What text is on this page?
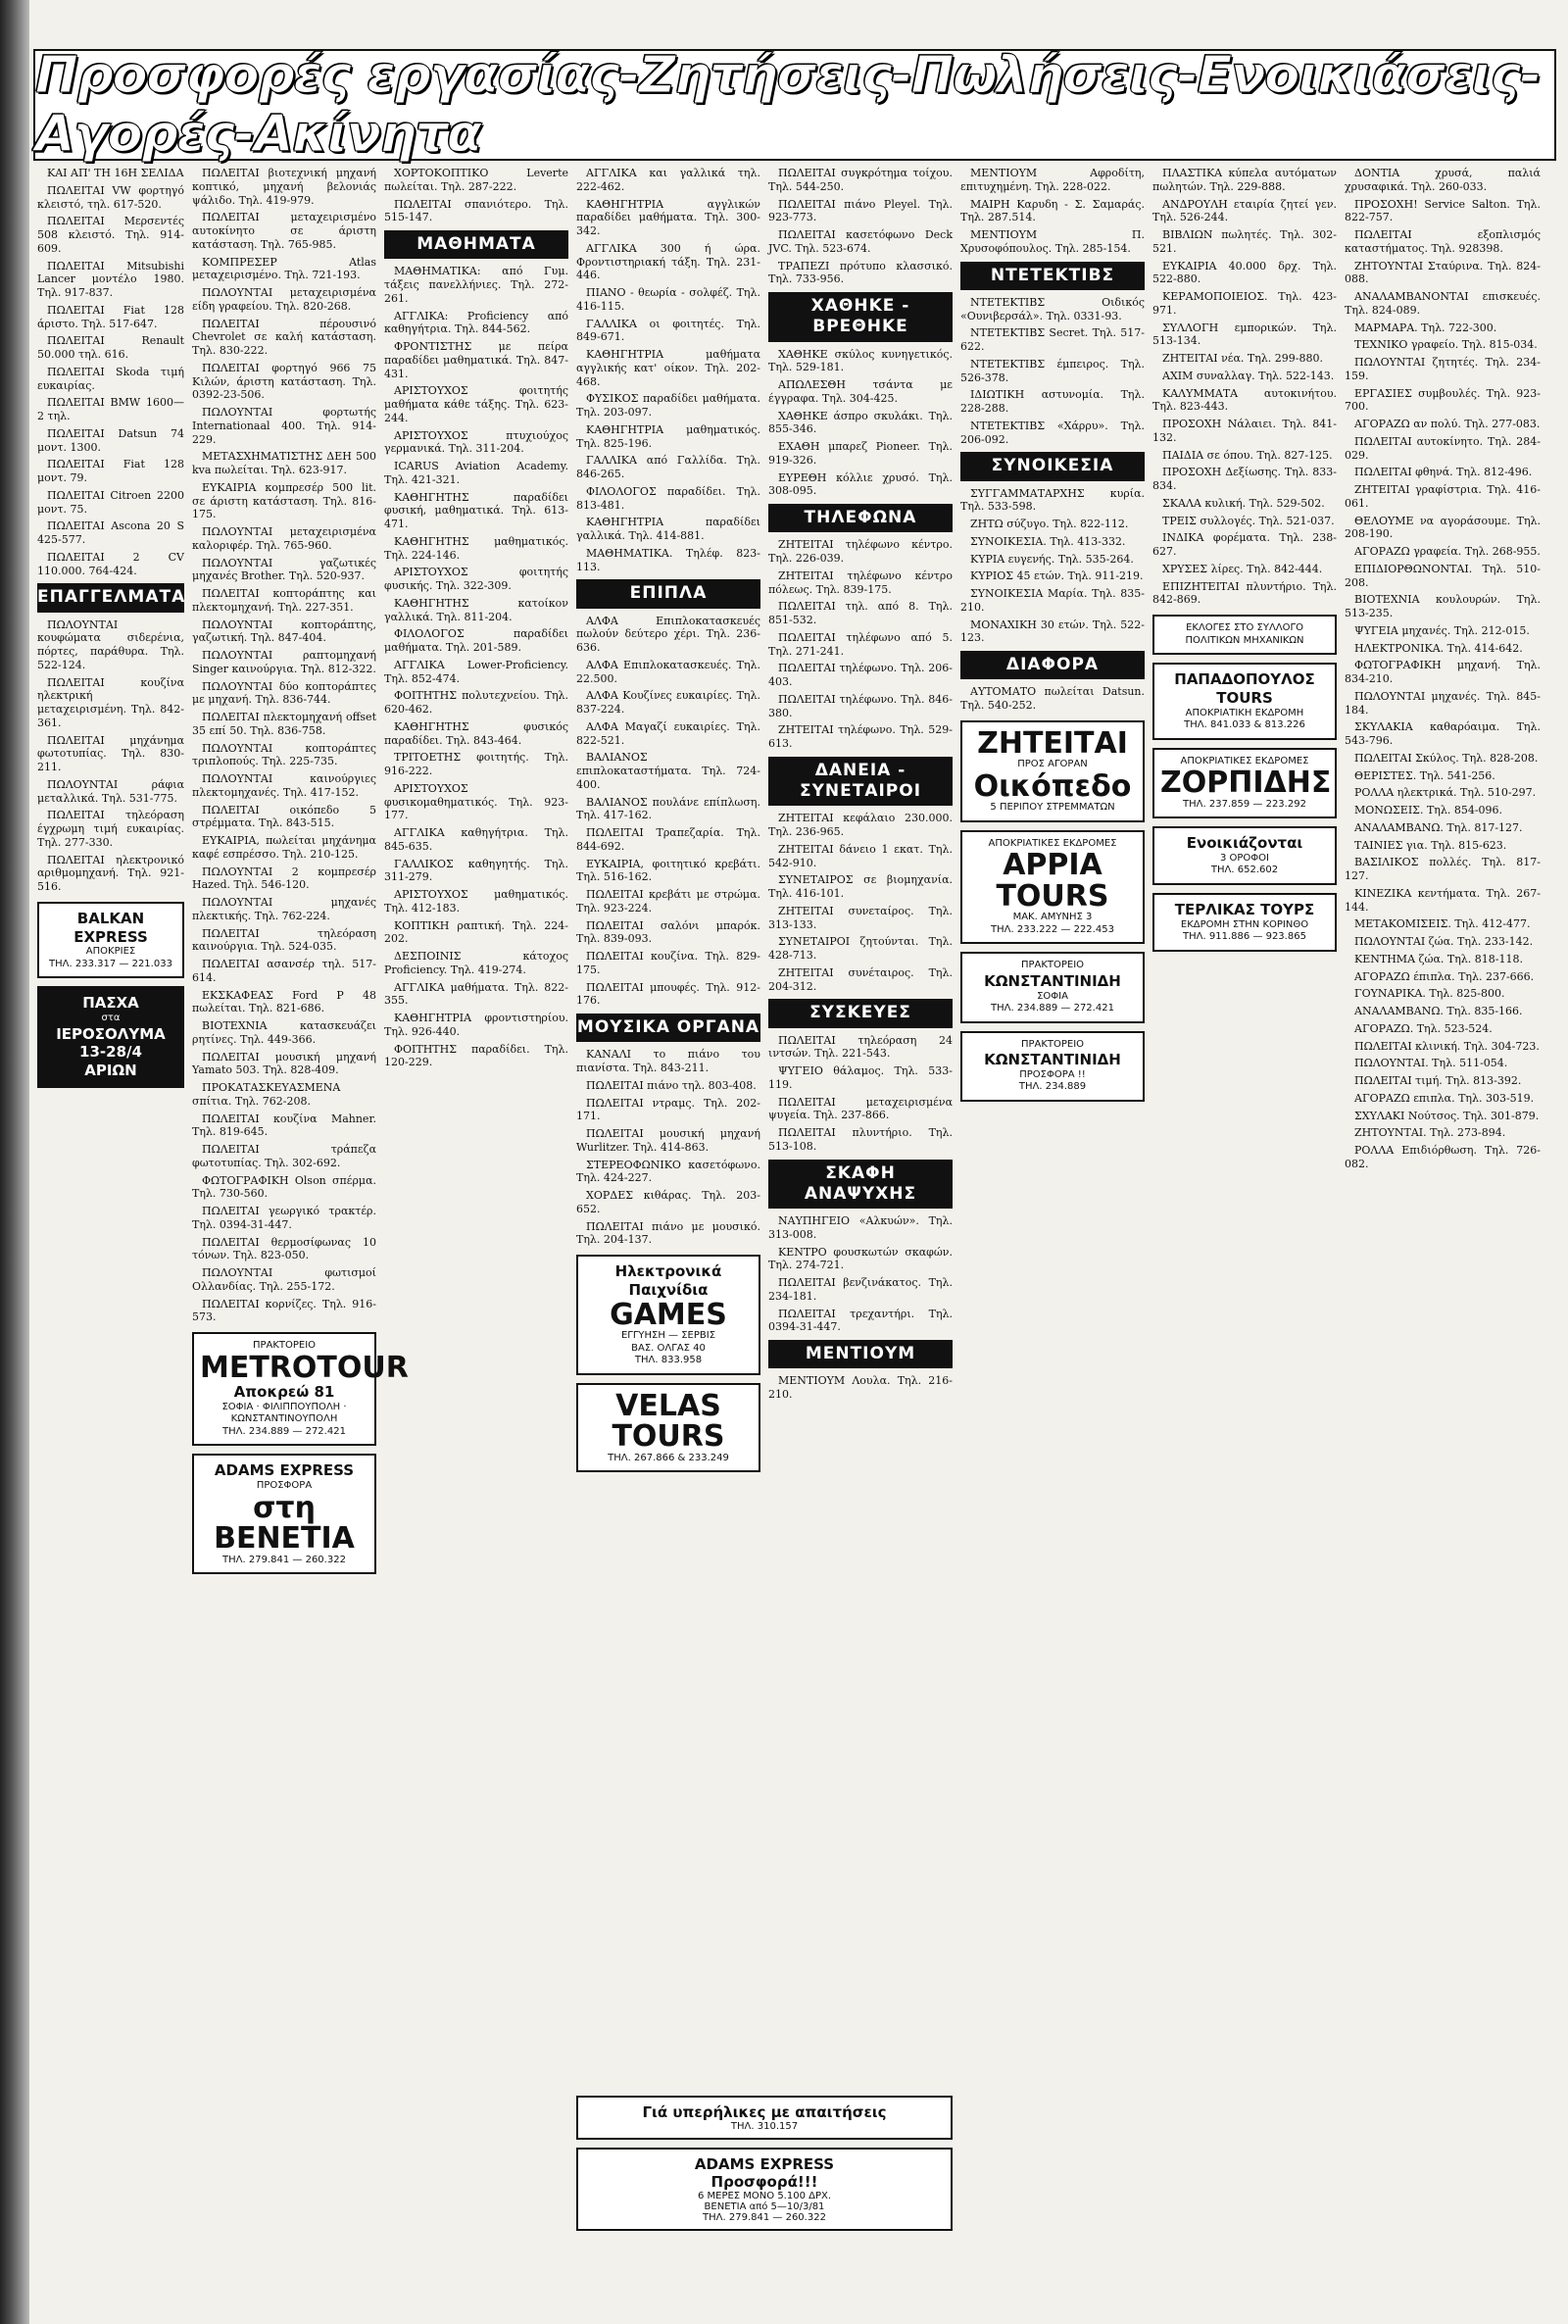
Προσφορές εργασίας-Ζητήσεις-Πωλήσεις-Ενοικιάσεις-Αγορές-Ακίνητα

ΚΑΙ ΑΠ' ΤΗ 16Η ΣΕΛΙΔΑ

ΠΩΛΕΙΤΑΙ VW φορτηγό κλειστό, τηλ. 617-520.

ΠΩΛΕΙΤΑΙ Μερσεντές 508 κλειστό. Τηλ. 914-609.

ΠΩΛΕΙΤΑΙ Mitsubishi Lancer μοντέλο 1980. Τηλ. 917-837.

ΠΩΛΕΙΤΑΙ Fiat 128 άριστο. Τηλ. 517-647.

ΠΩΛΕΙΤΑΙ Renault 50.000 τηλ. 616.

ΠΩΛΕΙΤΑΙ Skoda τιμή ευκαιρίας.

ΠΩΛΕΙΤΑΙ BMW 1600—2 τηλ.

ΠΩΛΕΙΤΑΙ Datsun 74 μοντ. 1300.

ΠΩΛΕΙΤΑΙ Fiat 128 μοντ. 79.

ΠΩΛΕΙΤΑΙ Citroen 2200 μοντ. 75.

ΠΩΛΕΙΤΑΙ Ascona 20 S 425-577.

ΠΩΛΕΙΤΑΙ 2 CV 110.000. 764-424.

ΕΠΑΓΓΕΛΜΑΤΑ

ΠΩΛΟΥΝΤΑΙ κουφώματα σιδερένια, πόρτες, παράθυρα. Τηλ. 522-124.

ΠΩΛΕΙΤΑΙ κουζίνα ηλεκτρική μεταχειρισμένη. Τηλ. 842-361.

ΠΩΛΕΙΤΑΙ μηχάνημα φωτοτυπίας. Τηλ. 830-211.

ΠΩΛΟΥΝΤΑΙ ράφια μεταλλικά. Τηλ. 531-775.

ΠΩΛΕΙΤΑΙ τηλεόραση έγχρωμη τιμή ευκαιρίας. Τηλ. 277-330.

ΠΩΛΕΙΤΑΙ ηλεκτρονικό αριθμομηχανή. Τηλ. 921-516.

BALKAN EXPRESS
ΑΠΟΚΡΙΕΣ
ΤΗΛ. 233.317 — 221.033
ΠΑΣΧΑ
στα
ΙΕΡΟΣΟΛΥΜΑ
13-28/4
ΑΡΙΩΝ

ΠΩΛΕΙΤΑΙ βιοτεχνική μηχανή κοπτικό, μηχανή βελονιάς ψάλιδο. Τηλ. 419-979.

ΠΩΛΕΙΤΑΙ μεταχειρισμένο αυτοκίνητο σε άριστη κατάσταση. Τηλ. 765-985.

ΚΟΜΠΡΕΣΕΡ Atlas μεταχειρισμένο. Τηλ. 721-193.

ΠΩΛΟΥΝΤΑΙ μεταχειρισμένα είδη γραφείου. Τηλ. 820-268.

ΠΩΛΕΙΤΑΙ πέρουσινό Chevrolet σε καλή κατάσταση. Τηλ. 830-222.

ΠΩΛΕΙΤΑΙ φορτηγό 966 75 Κιλών, άριστη κατάσταση. Τηλ. 0392-23-506.

ΠΩΛΟΥΝΤΑΙ φορτωτής Internationaal 400. Τηλ. 914-229.

ΜΕΤΑΣΧΗΜΑΤΙΣΤΗΣ ΔΕΗ 500 kva πωλείται. Τηλ. 623-917.

ΕΥΚΑΙΡΙΑ κομπρεσέρ 500 lit. σε άριστη κατάσταση. Τηλ. 816-175.

ΠΩΛΟΥΝΤΑΙ μεταχειρισμένα καλοριφέρ. Τηλ. 765-960.

ΠΩΛΟΥΝΤΑΙ γαζωτικές μηχανές Brother. Τηλ. 520-937.

ΠΩΛΕΙΤΑΙ κοπτοράπτης και πλεκτομηχανή. Τηλ. 227-351.

ΠΩΛΟΥΝΤΑΙ κοπτοράπτης, γαζωτική. Τηλ. 847-404.

ΠΩΛΟΥΝΤΑΙ ραπτομηχανή Singer καινούργια. Τηλ. 812-322.

ΠΩΛΟΥΝΤΑΙ δύο κοπτοράπτες με μηχανή. Τηλ. 836-744.

ΠΩΛΕΙΤΑΙ πλεκτομηχανή offset 35 επί 50. Τηλ. 836-758.

ΠΩΛΟΥΝΤΑΙ κοπτοράπτες τριπλοπούς. Τηλ. 225-735.

ΠΩΛΟΥΝΤΑΙ καινούργιες πλεκτομηχανές. Τηλ. 417-152.

ΠΩΛΕΙΤΑΙ οικόπεδο 5 στρέμματα. Τηλ. 843-515.

ΕΥΚΑΙΡΙΑ, πωλείται μηχάνημα καφέ εσπρέσσο. Τηλ. 210-125.

ΠΩΛΟΥΝΤΑΙ 2 κομπρεσέρ Hazed. Τηλ. 546-120.

ΠΩΛΟΥΝΤΑΙ μηχανές πλεκτικής. Τηλ. 762-224.

ΠΩΛΕΙΤΑΙ τηλεόραση καινούργια. Τηλ. 524-035.

ΠΩΛΕΙΤΑΙ ασανσέρ τηλ. 517-614.

ΕΚΣΚΑΦΕΑΣ Ford P 48 πωλείται. Τηλ. 821-686.

ΒΙΟΤΕΧΝΙΑ κατασκευάζει ρητίνες. Τηλ. 449-366.

ΠΩΛΕΙΤΑΙ μουσική μηχανή Yamato 503. Τηλ. 828-409.

ΠΡΟΚΑΤΑΣΚΕΥΑΣΜΕΝΑ σπίτια. Τηλ. 762-208.

ΠΩΛΕΙΤΑΙ κουζίνα Mahner. Τηλ. 819-645.

ΠΩΛΕΙΤΑΙ τράπεζα φωτοτυπίας. Τηλ. 302-692.

ΦΩΤΟΓΡΑΦΙΚΗ Olson σπέρμα. Τηλ. 730-560.

ΠΩΛΕΙΤΑΙ γεωργικό τρακτέρ. Τηλ. 0394-31-447.

ΠΩΛΕΙΤΑΙ θερμοσίφωνας 10 τόνων. Τηλ. 823-050.

ΠΩΛΟΥΝΤΑΙ φωτισμοί Ολλανδίας. Τηλ. 255-172.

ΠΩΛΕΙΤΑΙ κορνίζες. Τηλ. 916-573.

ΠΡΑΚΤΟΡΕΙΟ
METROTOUR
Αποκρεώ 81
ΣΟΦΙΑ · ΦΙΛΙΠΠΟΥΠΟΛΗ · ΚΩΝΣΤΑΝΤΙΝΟΥΠΟΛΗ
ΤΗΛ. 234.889 — 272.421
ADAMS EXPRESS
ΠΡΟΣΦΟΡΑ
στη ΒΕΝΕΤΙΑ
ΤΗΛ. 279.841 — 260.322

ΧΟΡΤΟΚΟΠΤΙΚΟ Leverte πωλείται. Τηλ. 287-222.

ΠΩΛΕΙΤΑΙ σπανιότερο. Τηλ. 515-147.

ΜΑΘΗΜΑΤΑ

ΜΑΘΗΜΑΤΙΚΑ: από Γυμ. τάξεις πανελλήνιες. Τηλ. 272-261.

ΑΓΓΛΙΚΑ: Proficiency από καθηγήτρια. Τηλ. 844-562.

ΦΡΟΝΤΙΣΤΗΣ με πείρα παραδίδει μαθηματικά. Τηλ. 847-431.

ΑΡΙΣΤΟΥΧΟΣ φοιτητής μαθήματα κάθε τάξης. Τηλ. 623-244.

ΑΡΙΣΤΟΥΧΟΣ πτυχιούχος γερμανικά. Τηλ. 311-204.

ICARUS Aviation Academy. Τηλ. 421-321.

ΚΑΘΗΓΗΤΗΣ παραδίδει φυσική, μαθηματικά. Τηλ. 613-471.

ΚΑΘΗΓΗΤΗΣ μαθηματικός. Τηλ. 224-146.

ΑΡΙΣΤΟΥΧΟΣ φοιτητής φυσικής. Τηλ. 322-309.

ΚΑΘΗΓΗΤΗΣ κατοίκον γαλλικά. Τηλ. 811-204.

ΦΙΛΟΛΟΓΟΣ παραδίδει μαθήματα. Τηλ. 201-589.

ΑΓΓΛΙΚΑ Lower-Proficiency. Τηλ. 852-474.

ΦΟΙΤΗΤΗΣ πολυτεχνείου. Τηλ. 620-462.

ΚΑΘΗΓΗΤΗΣ φυσικός παραδίδει. Τηλ. 843-464.

ΤΡΙΤΟΕΤΗΣ φοιτητής. Τηλ. 916-222.

ΑΡΙΣΤΟΥΧΟΣ φυσικομαθηματικός. Τηλ. 923-177.

ΑΓΓΛΙΚΑ καθηγήτρια. Τηλ. 845-635.

ΓΑΛΛΙΚΟΣ καθηγητής. Τηλ. 311-279.

ΑΡΙΣΤΟΥΧΟΣ μαθηματικός. Τηλ. 412-183.

ΚΟΠΤΙΚΗ ραπτική. Τηλ. 224-202.

ΔΕΣΠΟΙΝΙΣ κάτοχος Proficiency. Τηλ. 419-274.

ΑΓΓΛΙΚΑ μαθήματα. Τηλ. 822-355.

ΚΑΘΗΓΗΤΡΙΑ φροντιστηρίου. Τηλ. 926-440.

ΦΟΙΤΗΤΗΣ παραδίδει. Τηλ. 120-229.

ΑΓΓΛΙΚΑ και γαλλικά τηλ. 222-462.

ΚΑΘΗΓΗΤΡΙΑ αγγλικών παραδίδει μαθήματα. Τηλ. 300-342.

ΑΓΓΛΙΚΑ 300 ή ώρα. Φροντιστηριακή τάξη. Τηλ. 231-446.

ΠΙΑΝΟ - θεωρία - σολφέζ. Τηλ. 416-115.

ΓΑΛΛΙΚΑ οι φοιτητές. Τηλ. 849-671.

ΚΑΘΗΓΗΤΡΙΑ μαθήματα αγγλικής κατ' οίκον. Τηλ. 202-468.

ΦΥΣΙΚΟΣ παραδίδει μαθήματα. Τηλ. 203-097.

ΚΑΘΗΓΗΤΡΙΑ μαθηματικός. Τηλ. 825-196.

ΓΑΛΛΙΚΑ από Γαλλίδα. Τηλ. 846-265.

ΦΙΛΟΛΟΓΟΣ παραδίδει. Τηλ. 813-481.

ΚΑΘΗΓΗΤΡΙΑ παραδίδει γαλλικά. Τηλ. 414-881.

ΜΑΘΗΜΑΤΙΚΑ. Τηλέφ. 823-113.

ΕΠΙΠΛΑ

ΑΛΦΑ Επιπλοκατασκευές πωλούν δεύτερο χέρι. Τηλ. 236-636.

ΑΛΦΑ Επιπλοκατασκευές. Τηλ. 22.500.

ΑΛΦΑ Κουζίνες ευκαιρίες. Τηλ. 837-224.

ΑΛΦΑ Μαγαζί ευκαιρίες. Τηλ. 822-521.

ΒΑΛΙΑΝΟΣ επιπλοκαταστήματα. Τηλ. 724-400.

ΒΑΛΙΑΝΟΣ πουλάνε επίπλωση. Τηλ. 417-162.

ΠΩΛΕΙΤΑΙ Τραπεζαρία. Τηλ. 844-692.

ΕΥΚΑΙΡΙΑ, φοιτητικό κρεβάτι. Τηλ. 516-162.

ΠΩΛΕΙΤΑΙ κρεβάτι με στρώμα. Τηλ. 923-224.

ΠΩΛΕΙΤΑΙ σαλόνι μπαρόκ. Τηλ. 839-093.

ΠΩΛΕΙΤΑΙ κουζίνα. Τηλ. 829-175.

ΠΩΛΕΙΤΑΙ μπουφές. Τηλ. 912-176.

ΜΟΥΣΙΚΑ ΟΡΓΑΝΑ

ΚΑΝΑΛΙ το πιάνο του πιανίστα. Τηλ. 843-211.

ΠΩΛΕΙΤΑΙ πιάνο τηλ. 803-408.

ΠΩΛΕΙΤΑΙ ντραμς. Τηλ. 202-171.

ΠΩΛΕΙΤΑΙ μουσική μηχανή Wurlitzer. Τηλ. 414-863.

ΣΤΕΡΕΟΦΩΝΙΚΟ κασετόφωνο. Τηλ. 424-227.

ΧΟΡΔΕΣ κιθάρας. Τηλ. 203-652.

ΠΩΛΕΙΤΑΙ πιάνο με μουσικό. Τηλ. 204-137.

Ηλεκτρονικά
Παιχνίδια
GAMES
ΕΓΓΥΗΣΗ — ΣΕΡΒΙΣ
ΒΑΣ. ΟΛΓΑΣ 40
ΤΗΛ. 833.958
VELAS TOURS
ΤΗΛ. 267.866 & 233.249

ΠΩΛΕΙΤΑΙ συγκρότημα τοίχου. Τηλ. 544-250.

ΠΩΛΕΙΤΑΙ πιάνο Pleyel. Τηλ. 923-773.

ΠΩΛΕΙΤΑΙ κασετόφωνο Deck JVC. Τηλ. 523-674.

ΤΡΑΠΕΖΙ πρότυπο κλασσικό. Τηλ. 733-956.

ΧΑΘΗΚΕ - ΒΡΕΘΗΚΕ

ΧΑΘΗΚΕ σκύλος κυνηγετικός. Τηλ. 529-181.

ΑΠΩΛΕΣΘΗ τσάντα με έγγραφα. Τηλ. 304-425.

ΧΑΘΗΚΕ άσπρο σκυλάκι. Τηλ. 855-346.

ΕΧΑΘΗ μπαρεζ Pioneer. Τηλ. 919-326.

ΕΥΡΕΘΗ κόλλιε χρυσό. Τηλ. 308-095.

ΤΗΛΕΦΩΝΑ

ΖΗΤΕΙΤΑΙ τηλέφωνο κέντρο. Τηλ. 226-039.

ΖΗΤΕΙΤΑΙ τηλέφωνο κέντρο πόλεως. Τηλ. 839-175.

ΠΩΛΕΙΤΑΙ τηλ. από 8. Τηλ. 851-532.

ΠΩΛΕΙΤΑΙ τηλέφωνο από 5. Τηλ. 271-241.

ΠΩΛΕΙΤΑΙ τηλέφωνο. Τηλ. 206-403.

ΠΩΛΕΙΤΑΙ τηλέφωνο. Τηλ. 846-380.

ΖΗΤΕΙΤΑΙ τηλέφωνο. Τηλ. 529-613.

ΔΑΝΕΙΑ - ΣΥΝΕΤΑΙΡΟΙ

ΖΗΤΕΙΤΑΙ κεφάλαιο 230.000. Τηλ. 236-965.

ΖΗΤΕΙΤΑΙ δάνειο 1 εκατ. Τηλ. 542-910.

ΣΥΝΕΤΑΙΡΟΣ σε βιομηχανία. Τηλ. 416-101.

ΖΗΤΕΙΤΑΙ συνεταίρος. Τηλ. 313-133.

ΣΥΝΕΤΑΙΡΟΙ ζητούνται. Τηλ. 428-713.

ΖΗΤΕΙΤΑΙ συνέταιρος. Τηλ. 204-312.

ΣΥΣΚΕΥΕΣ

ΠΩΛΕΙΤΑΙ τηλεόραση 24 ιντσών. Τηλ. 221-543.

ΨΥΓΕΙΟ θάλαμος. Τηλ. 533-119.

ΠΩΛΕΙΤΑΙ μεταχειρισμένα ψυγεία. Τηλ. 237-866.

ΠΩΛΕΙΤΑΙ πλυντήριο. Τηλ. 513-108.

ΣΚΑΦΗ ΑΝΑΨΥΧΗΣ

ΝΑΥΠΗΓΕΙΟ «Αλκυών». Τηλ. 313-008.

ΚΕΝΤΡΟ φουσκωτών σκαφών. Τηλ. 274-721.

ΠΩΛΕΙΤΑΙ βενζινάκατος. Τηλ. 234-181.

ΠΩΛΕΙΤΑΙ τρεχαντήρι. Τηλ. 0394-31-447.

ΜΕΝΤΙΟΥΜ

ΜΕΝΤΙΟΥΜ Λουλα. Τηλ. 216-210.

ΜΕΝΤΙΟΥΜ Αφροδίτη, επιτυχημένη. Τηλ. 228-022.

ΜΑΙΡΗ Καρυδη - Σ. Σαμαράς. Τηλ. 287.514.

ΜΕΝΤΙΟΥΜ Π. Χρυσοφόπουλος. Τηλ. 285-154.

ΝΤΕΤΕΚΤΙΒΣ

ΝΤΕΤΕΚΤΙΒΣ Οιδικός «Ουνιβερσάλ». Τηλ. 0331-93.

ΝΤΕΤΕΚΤΙΒΣ Secret. Τηλ. 517-622.

ΝΤΕΤΕΚΤΙΒΣ έμπειρος. Τηλ. 526-378.

ΙΔΙΩΤΙΚΗ αστυνομία. Τηλ. 228-288.

ΝΤΕΤΕΚΤΙΒΣ «Χάρρυ». Τηλ. 206-092.

ΣΥΝΟΙΚΕΣΙΑ

ΣΥΓΓΑΜΜΑΤΑΡΧΗΣ κυρία. Τηλ. 533-598.

ΖΗΤΩ σύζυγο. Τηλ. 822-112.

ΣΥΝΟΙΚΕΣΙΑ. Τηλ. 413-332.

ΚΥΡΙΑ ευγενής. Τηλ. 535-264.

ΚΥΡΙΟΣ 45 ετών. Τηλ. 911-219.

ΣΥΝΟΙΚΕΣΙΑ Μαρία. Τηλ. 835-210.

ΜΟΝΑΧΙΚΗ 30 ετών. Τηλ. 522-123.

ΔΙΑΦΟΡΑ

ΑΥΤΟΜΑΤΟ πωλείται Datsun. Τηλ. 540-252.

ΖΗΤΕΙΤΑΙ
ΠΡΟΣ ΑΓΟΡΑΝ
Οικόπεδο
5 ΠΕΡΙΠΟΥ ΣΤΡΕΜΜΑΤΩΝ
ΑΠΟΚΡΙΑΤΙΚΕΣ ΕΚΔΡΟΜΕΣ
APPIA TOURS
ΜΑΚ. ΑΜΥΝΗΣ 3
ΤΗΛ. 233.222 — 222.453
ΠΡΑΚΤΟΡΕΙΟ
ΚΩΝΣΤΑΝΤΙΝΙΔΗ
ΣΟΦΙΑ
ΤΗΛ. 234.889 — 272.421
ΠΡΑΚΤΟΡΕΙΟ
ΚΩΝΣΤΑΝΤΙΝΙΔΗ
ΠΡΟΣΦΟΡΑ !!
ΤΗΛ. 234.889

ΠΛΑΣΤΙΚΑ κύπελα αυτόματων πωλητών. Τηλ. 229-888.

ΑΝΔΡΟΥΛΗ εταιρία ζητεί γεν. Τηλ. 526-244.

ΒΙΒΛΙΩΝ πωλητές. Τηλ. 302-521.

ΕΥΚΑΙΡΙΑ 40.000 δρχ. Τηλ. 522-880.

ΚΕΡΑΜΟΠΟΙΕΙΟΣ. Τηλ. 423-971.

ΣΥΛΛΟΓΗ εμπορικών. Τηλ. 513-134.

ΖΗΤΕΙΤΑΙ νέα. Τηλ. 299-880.

ΑΧΙΜ συναλλαγ. Τηλ. 522-143.

ΚΑΛΥΜΜΑΤΑ αυτοκινήτου. Τηλ. 823-443.

ΠΡΟΣΟΧΗ Νάλαιει. Τηλ. 841-132.

ΠΑΙΔΙΑ σε όπου. Τηλ. 827-125.

ΠΡΟΣΟΧΗ Δεξίωσης. Τηλ. 833-834.

ΣΚΑΛΑ κυλική. Τηλ. 529-502.

ΤΡΕΙΣ συλλογές. Τηλ. 521-037.

ΙΝΔΙΚΑ φορέματα. Τηλ. 238-627.

ΧΡΥΣΕΣ λίρες. Τηλ. 842-444.

ΕΠΙΖΗΤΕΙΤΑΙ πλυντήριο. Τηλ. 842-869.

ΕΚΛΟΓΕΣ ΣΤΟ ΣΥΛΛΟΓΟ ΠΟΛΙΤΙΚΩΝ ΜΗΧΑΝΙΚΩΝ
ΠΑΠΑΔΟΠΟΥΛΟΣ TOURS
ΑΠΟΚΡΙΑΤΙΚΗ ΕΚΔΡΟΜΗ
ΤΗΛ. 841.033 & 813.226
ΑΠΟΚΡΙΑΤΙΚΕΣ ΕΚΔΡΟΜΕΣ
ΖΟΡΠΙΔΗΣ
ΤΗΛ. 237.859 — 223.292
Ενοικιάζονται
3 ΟΡΟΦΟΙ
ΤΗΛ. 652.602
ΤΕΡΛΙΚΑΣ ΤΟΥΡΣ
ΕΚΔΡΟΜΗ ΣΤΗΝ ΚΟΡΙΝΘΟ
ΤΗΛ. 911.886 — 923.865

ΔΟΝΤΙΑ χρυσά, παλιά χρυσαφικά. Τηλ. 260-033.

ΠΡΟΣΟΧΗ! Service Salton. Τηλ. 822-757.

ΠΩΛΕΙΤΑΙ εξοπλισμός καταστήματος. Τηλ. 928398.

ΖΗΤΟΥΝΤΑΙ Σταύρινα. Τηλ. 824-088.

ΑΝΑΛΑΜΒΑΝΟΝΤΑΙ επισκευές. Τηλ. 824-089.

ΜΑΡΜΑΡΑ. Τηλ. 722-300.

ΤΕΧΝΙΚΟ γραφείο. Τηλ. 815-034.

ΠΩΛΟΥΝΤΑΙ ζητητές. Τηλ. 234-159.

ΕΡΓΑΣΙΕΣ συμβουλές. Τηλ. 923-700.

ΑΓΟΡΑΖΩ αν πολύ. Τηλ. 277-083.

ΠΩΛΕΙΤΑΙ αυτοκίνητο. Τηλ. 284-029.

ΠΩΛΕΙΤΑΙ φθηνά. Τηλ. 812-496.

ΖΗΤΕΙΤΑΙ γραφίστρια. Τηλ. 416-061.

ΘΕΛΟΥΜΕ να αγοράσουμε. Τηλ. 208-190.

ΑΓΟΡΑΖΩ γραφεία. Τηλ. 268-955.

ΕΠΙΔΙΟΡΘΩΝΟΝΤΑΙ. Τηλ. 510-208.

ΒΙΟΤΕΧΝΙΑ κουλουρών. Τηλ. 513-235.

ΨΥΓΕΙΑ μηχανές. Τηλ. 212-015.

ΗΛΕΚΤΡΟΝΙΚΑ. Τηλ. 414-642.

ΦΩΤΟΓΡΑΦΙΚΗ μηχανή. Τηλ. 834-210.

ΠΩΛΟΥΝΤΑΙ μηχανές. Τηλ. 845-184.

ΣΚΥΛΑΚΙΑ καθαρόαιμα. Τηλ. 543-796.

ΠΩΛΕΙΤΑΙ Σκύλος. Τηλ. 828-208.

ΘΕΡΙΣΤΕΣ. Τηλ. 541-256.

ΡΟΛΛΑ ηλεκτρικά. Τηλ. 510-297.

ΜΟΝΩΣΕΙΣ. Τηλ. 854-096.

ΑΝΑΛΑΜΒΑΝΩ. Τηλ. 817-127.

ΤΑΙΝΙΕΣ για. Τηλ. 815-623.

ΒΑΣΙΛΙΚΟΣ πολλές. Τηλ. 817-127.

ΚΙΝΕΖΙΚΑ κεντήματα. Τηλ. 267-144.

ΜΕΤΑΚΟΜΙΣΕΙΣ. Τηλ. 412-477.

ΠΩΛΟΥΝΤΑΙ ζώα. Τηλ. 233-142.

ΚΕΝΤΗΜΑ ζώα. Τηλ. 818-118.

ΑΓΟΡΑΖΩ έπιπλα. Τηλ. 237-666.

ΓΟΥΝΑΡΙΚΑ. Τηλ. 825-800.

ΑΝΑΛΑΜΒΑΝΩ. Τηλ. 835-166.

ΑΓΟΡΑΖΩ. Τηλ. 523-524.

ΠΩΛΕΙΤΑΙ κλινική. Τηλ. 304-723.

ΠΩΛΟΥΝΤΑΙ. Τηλ. 511-054.

ΠΩΛΕΙΤΑΙ τιμή. Τηλ. 813-392.

ΑΓΟΡΑΖΩ επιπλα. Τηλ. 303-519.

ΣΧΥΛΑΚΙ Νούτσος. Τηλ. 301-879.

ΖΗΤΟΥΝΤΑΙ. Τηλ. 273-894.

ΡΟΛΛΑ Επιδιόρθωση. Τηλ. 726-082.

Γιά υπερήλικες με απαιτήσεις
ΤΗΛ. 310.157
ADAMS EXPRESS
Προσφορά!!!
6 ΜΕΡΕΣ ΜΟΝΟ 5.100 ΔΡΧ.
ΒΕΝΕΤΙΑ από 5—10/3/81
ΤΗΛ. 279.841 — 260.322
